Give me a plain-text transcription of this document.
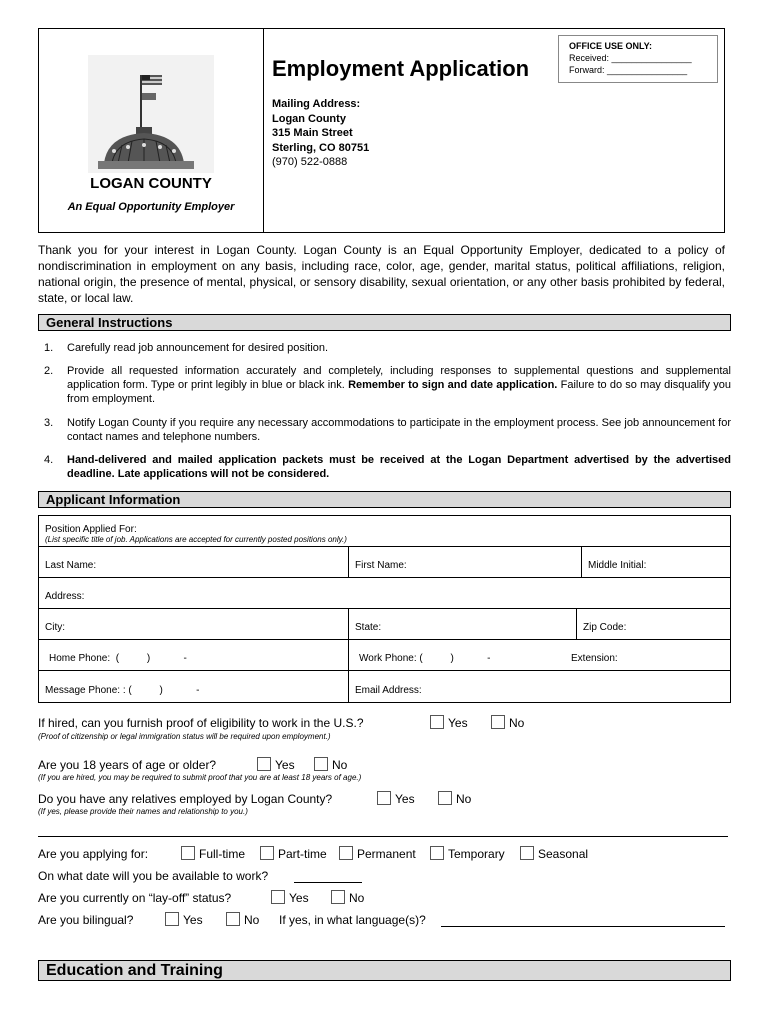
LOGAN COUNTY
An Equal Opportunity Employer
Employment Application
OFFICE USE ONLY:
Received: ________________
Forward: ________________
Mailing Address:
Logan County
315 Main Street
Sterling, CO 80751
(970) 522-0888
Thank you for your interest in Logan County. Logan County is an Equal Opportunity Employer, dedicated to a policy of nondiscrimination in employment on any basis, including race, color, age, gender, marital status, political affiliations, religion, national origin, the presence of mental, physical, or sensory disability, sexual orientation, or any other basis prohibited by federal, state, or local law.
General Instructions
1. Carefully read job announcement for desired position.
2. Provide all requested information accurately and completely, including responses to supplemental questions and supplemental application form. Type or print legibly in blue or black ink. Remember to sign and date application. Failure to do so may disqualify you from employment.
3. Notify Logan County if you require any necessary accommodations to participate in the employment process. See job announcement for contact names and telephone numbers.
4. Hand-delivered and mailed application packets must be received at the Logan Department advertised by the advertised deadline. Late applications will not be considered.
Applicant Information
Position Applied For:
(List specific title of job. Applications are accepted for currently posted positions only.)
Last Name:	First Name:	Middle Initial:
Address:
City:	State:	Zip Code:
Home Phone:  (          )            -	Work Phone: (          )            -	Extension:
Message Phone: : (          )            -	Email Address:
If hired, can you furnish proof of eligibility to work in the U.S.?	Yes	No
(Proof of citizenship or legal immigration status will be required upon employment.)
Are you 18 years of age or older?	Yes	No
(If you are hired, you may be required to submit proof that you are at least 18 years of age.)
Do you have any relatives employed by Logan County?	Yes	No
(If yes, please provide their names and relationship to you.)
Are you applying for:	Full-time	Part-time	Permanent	Temporary	Seasonal
On what date will you be available to work?
Are you currently on “lay-off” status?	Yes	No
Are you bilingual?	Yes	No If yes, in what language(s)?
Education and Training
